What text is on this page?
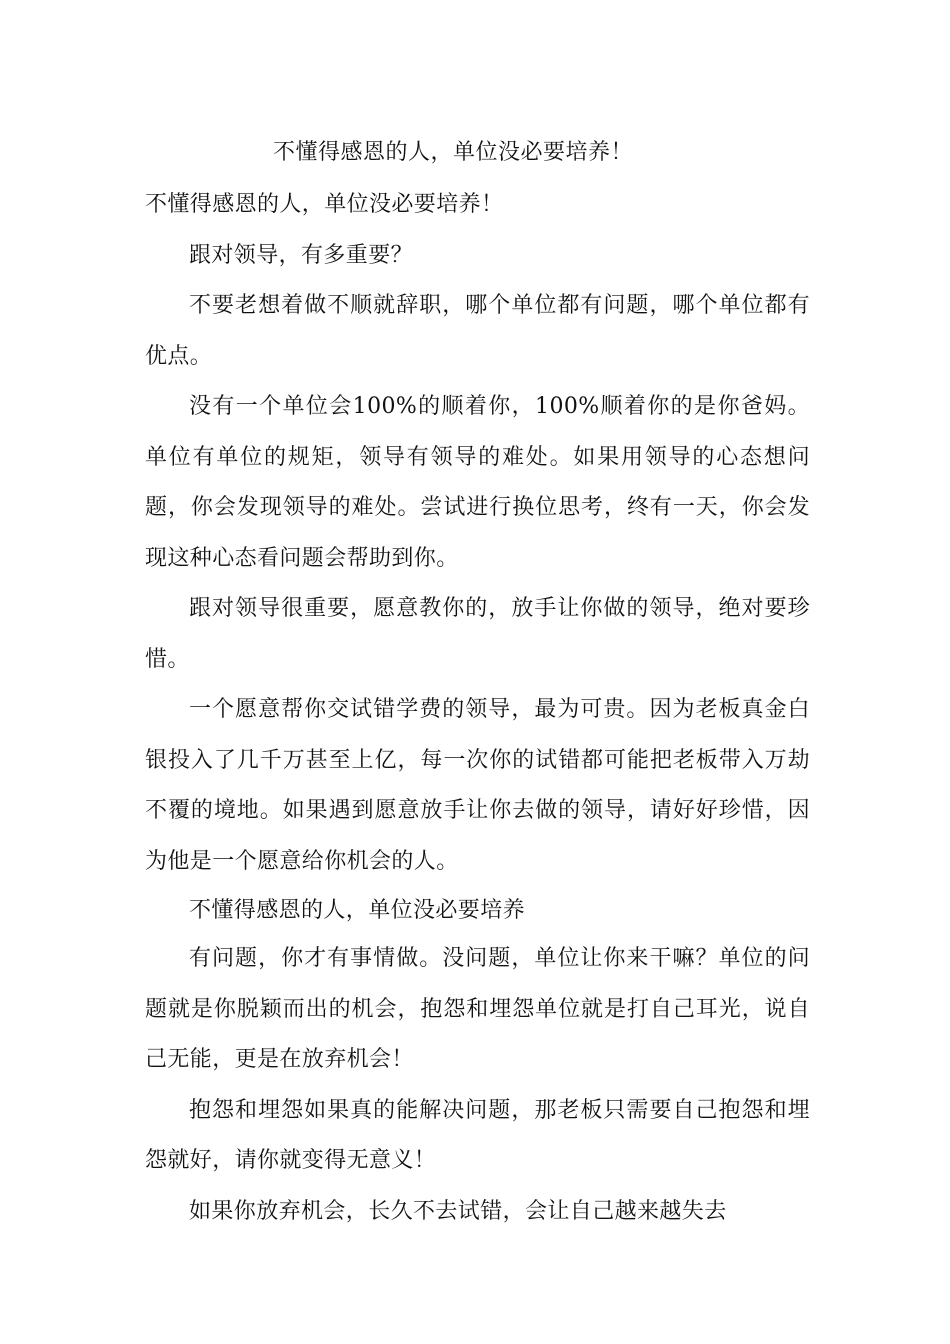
不懂得感恩的人，单位没必要培养！

不懂得感恩的人，单位没必要培养！

跟对领导，有多重要？

不要老想着做不顺就辞职，哪个单位都有问题，哪个单位都有优点。

没有一个单位会100%的顺着你，100%顺着你的是你爸妈。单位有单位的规矩，领导有领导的难处。如果用领导的心态想问题，你会发现领导的难处。尝试进行换位思考，终有一天，你会发现这种心态看问题会帮助到你。

跟对领导很重要，愿意教你的，放手让你做的领导，绝对要珍惜。

一个愿意帮你交试错学费的领导，最为可贵。因为老板真金白银投入了几千万甚至上亿，每一次你的试错都可能把老板带入万劫不覆的境地。如果遇到愿意放手让你去做的领导，请好好珍惜，因为他是一个愿意给你机会的人。

不懂得感恩的人，单位没必要培养

有问题，你才有事情做。没问题，单位让你来干嘛？单位的问题就是你脱颖而出的机会，抱怨和埋怨单位就是打自己耳光，说自己无能，更是在放弃机会！

抱怨和埋怨如果真的能解决问题，那老板只需要自己抱怨和埋怨就好，请你就变得无意义！

如果你放弃机会，长久不去试错，会让自己越来越失去
